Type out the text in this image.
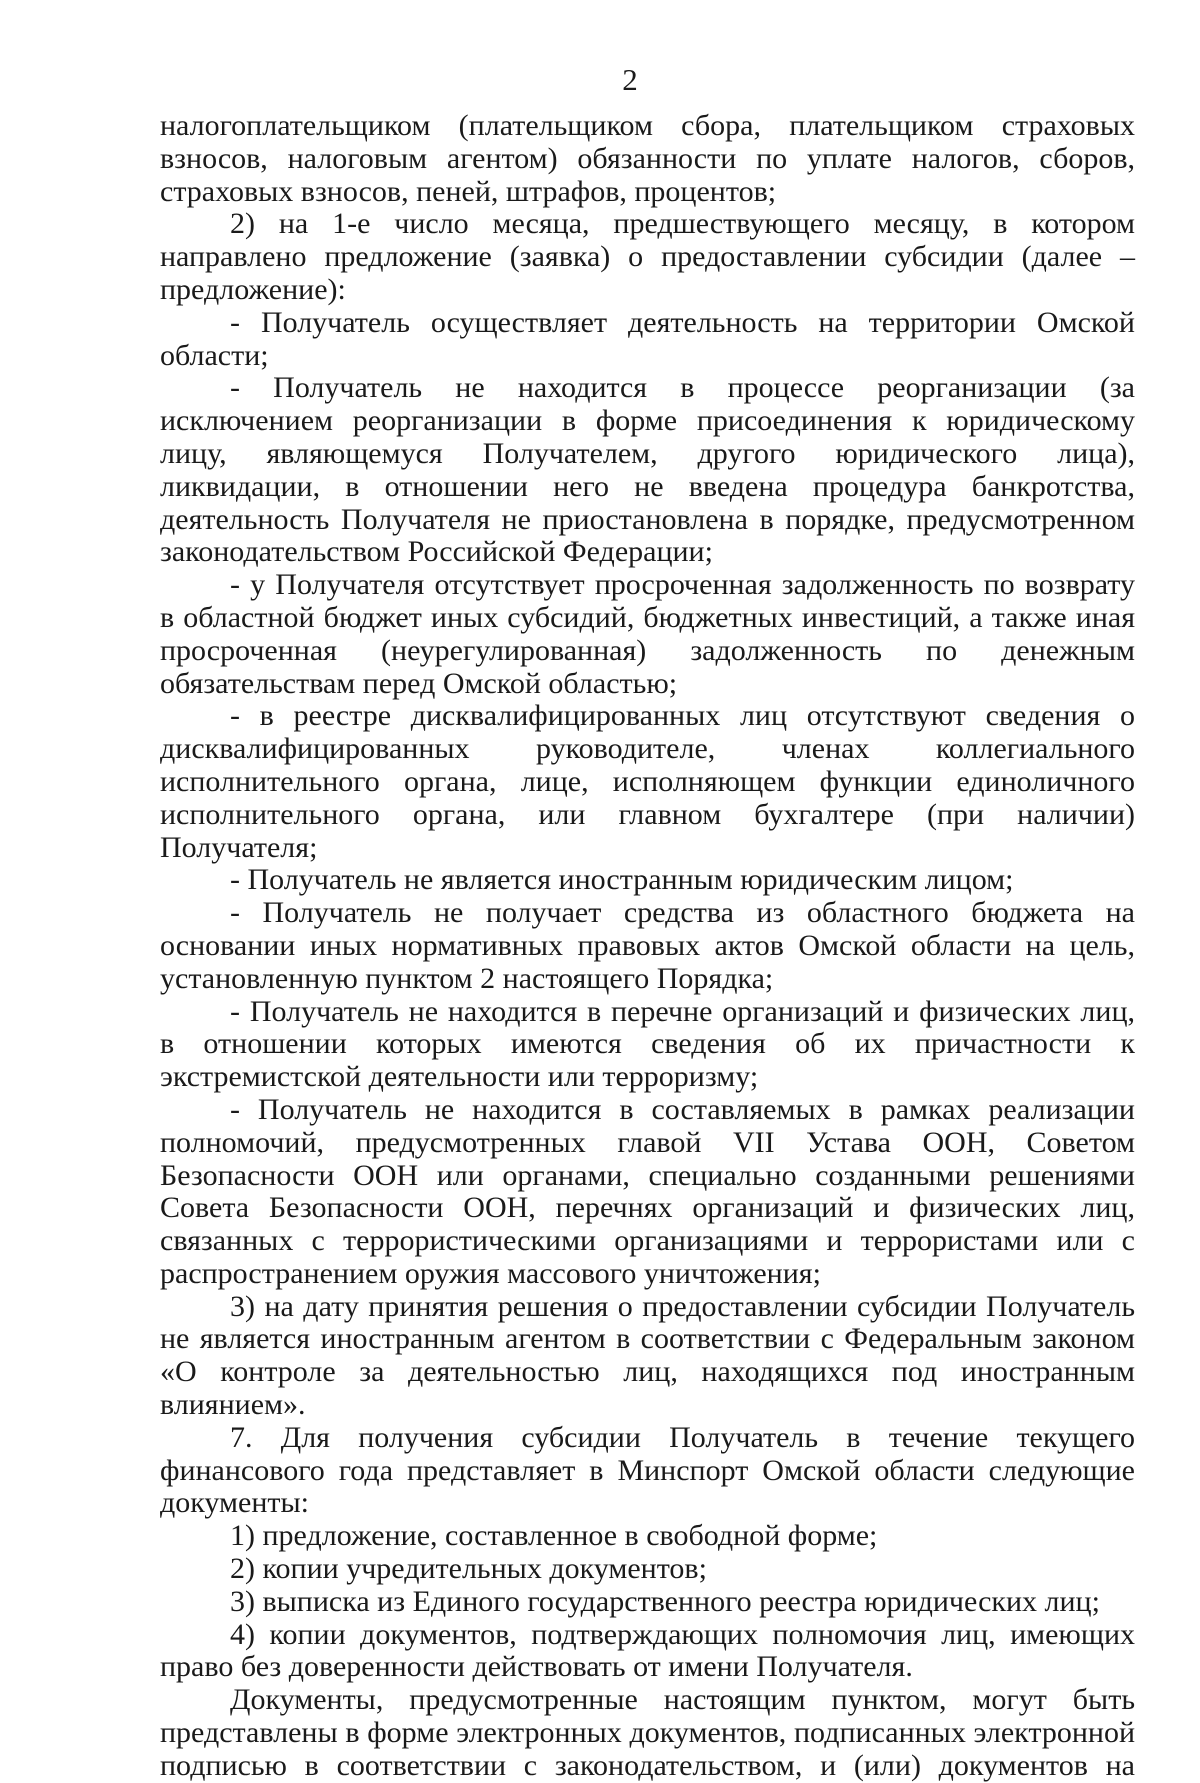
2

налогоплательщиком (плательщиком сбора, плательщиком страховых взносов, налоговым агентом) обязанности по уплате налогов, сборов, страховых взносов, пеней, штрафов, процентов;

2) на 1-е число месяца, предшествующего месяцу, в котором направлено предложение (заявка) о предоставлении субсидии (далее – предложение):

- Получатель осуществляет деятельность на территории Омской области;

- Получатель не находится в процессе реорганизации (за исключением реорганизации в форме присоединения к юридическому лицу, являющемуся Получателем, другого юридического лица), ликвидации, в отношении него не введена процедура банкротства, деятельность Получателя не приостановлена в порядке, предусмотренном законодательством Российской Федерации;

- у Получателя отсутствует просроченная задолженность по возврату в областной бюджет иных субсидий, бюджетных инвестиций, а также иная просроченная (неурегулированная) задолженность по денежным обязательствам перед Омской областью;

- в реестре дисквалифицированных лиц отсутствуют сведения о дисквалифицированных руководителе, членах коллегиального исполнительного органа, лице, исполняющем функции единоличного исполнительного органа, или главном бухгалтере (при наличии) Получателя;

- Получатель не является иностранным юридическим лицом;

- Получатель не получает средства из областного бюджета на основании иных нормативных правовых актов Омской области на цель, установленную пунктом 2 настоящего Порядка;

- Получатель не находится в перечне организаций и физических лиц, в отношении которых имеются сведения об их причастности к экстремистской деятельности или терроризму;

- Получатель не находится в составляемых в рамках реализации полномочий, предусмотренных главой VII Устава ООН, Советом Безопасности ООН или органами, специально созданными решениями Совета Безопасности ООН, перечнях организаций и физических лиц, связанных с террористическими организациями и террористами или с распространением оружия массового уничтожения;

3) на дату принятия решения о предоставлении субсидии Получатель не является иностранным агентом в соответствии с Федеральным законом «О контроле за деятельностью лиц, находящихся под иностранным влиянием».

7. Для получения субсидии Получатель в течение текущего финансового года представляет в Минспорт Омской области следующие документы:

1) предложение, составленное в свободной форме;

2) копии учредительных документов;

3) выписка из Единого государственного реестра юридических лиц;

4) копии документов, подтверждающих полномочия лиц, имеющих право без доверенности действовать от имени Получателя.

Документы, предусмотренные настоящим пунктом, могут быть представлены в форме электронных документов, подписанных электронной подписью в соответствии с законодательством, и (или) документов на
